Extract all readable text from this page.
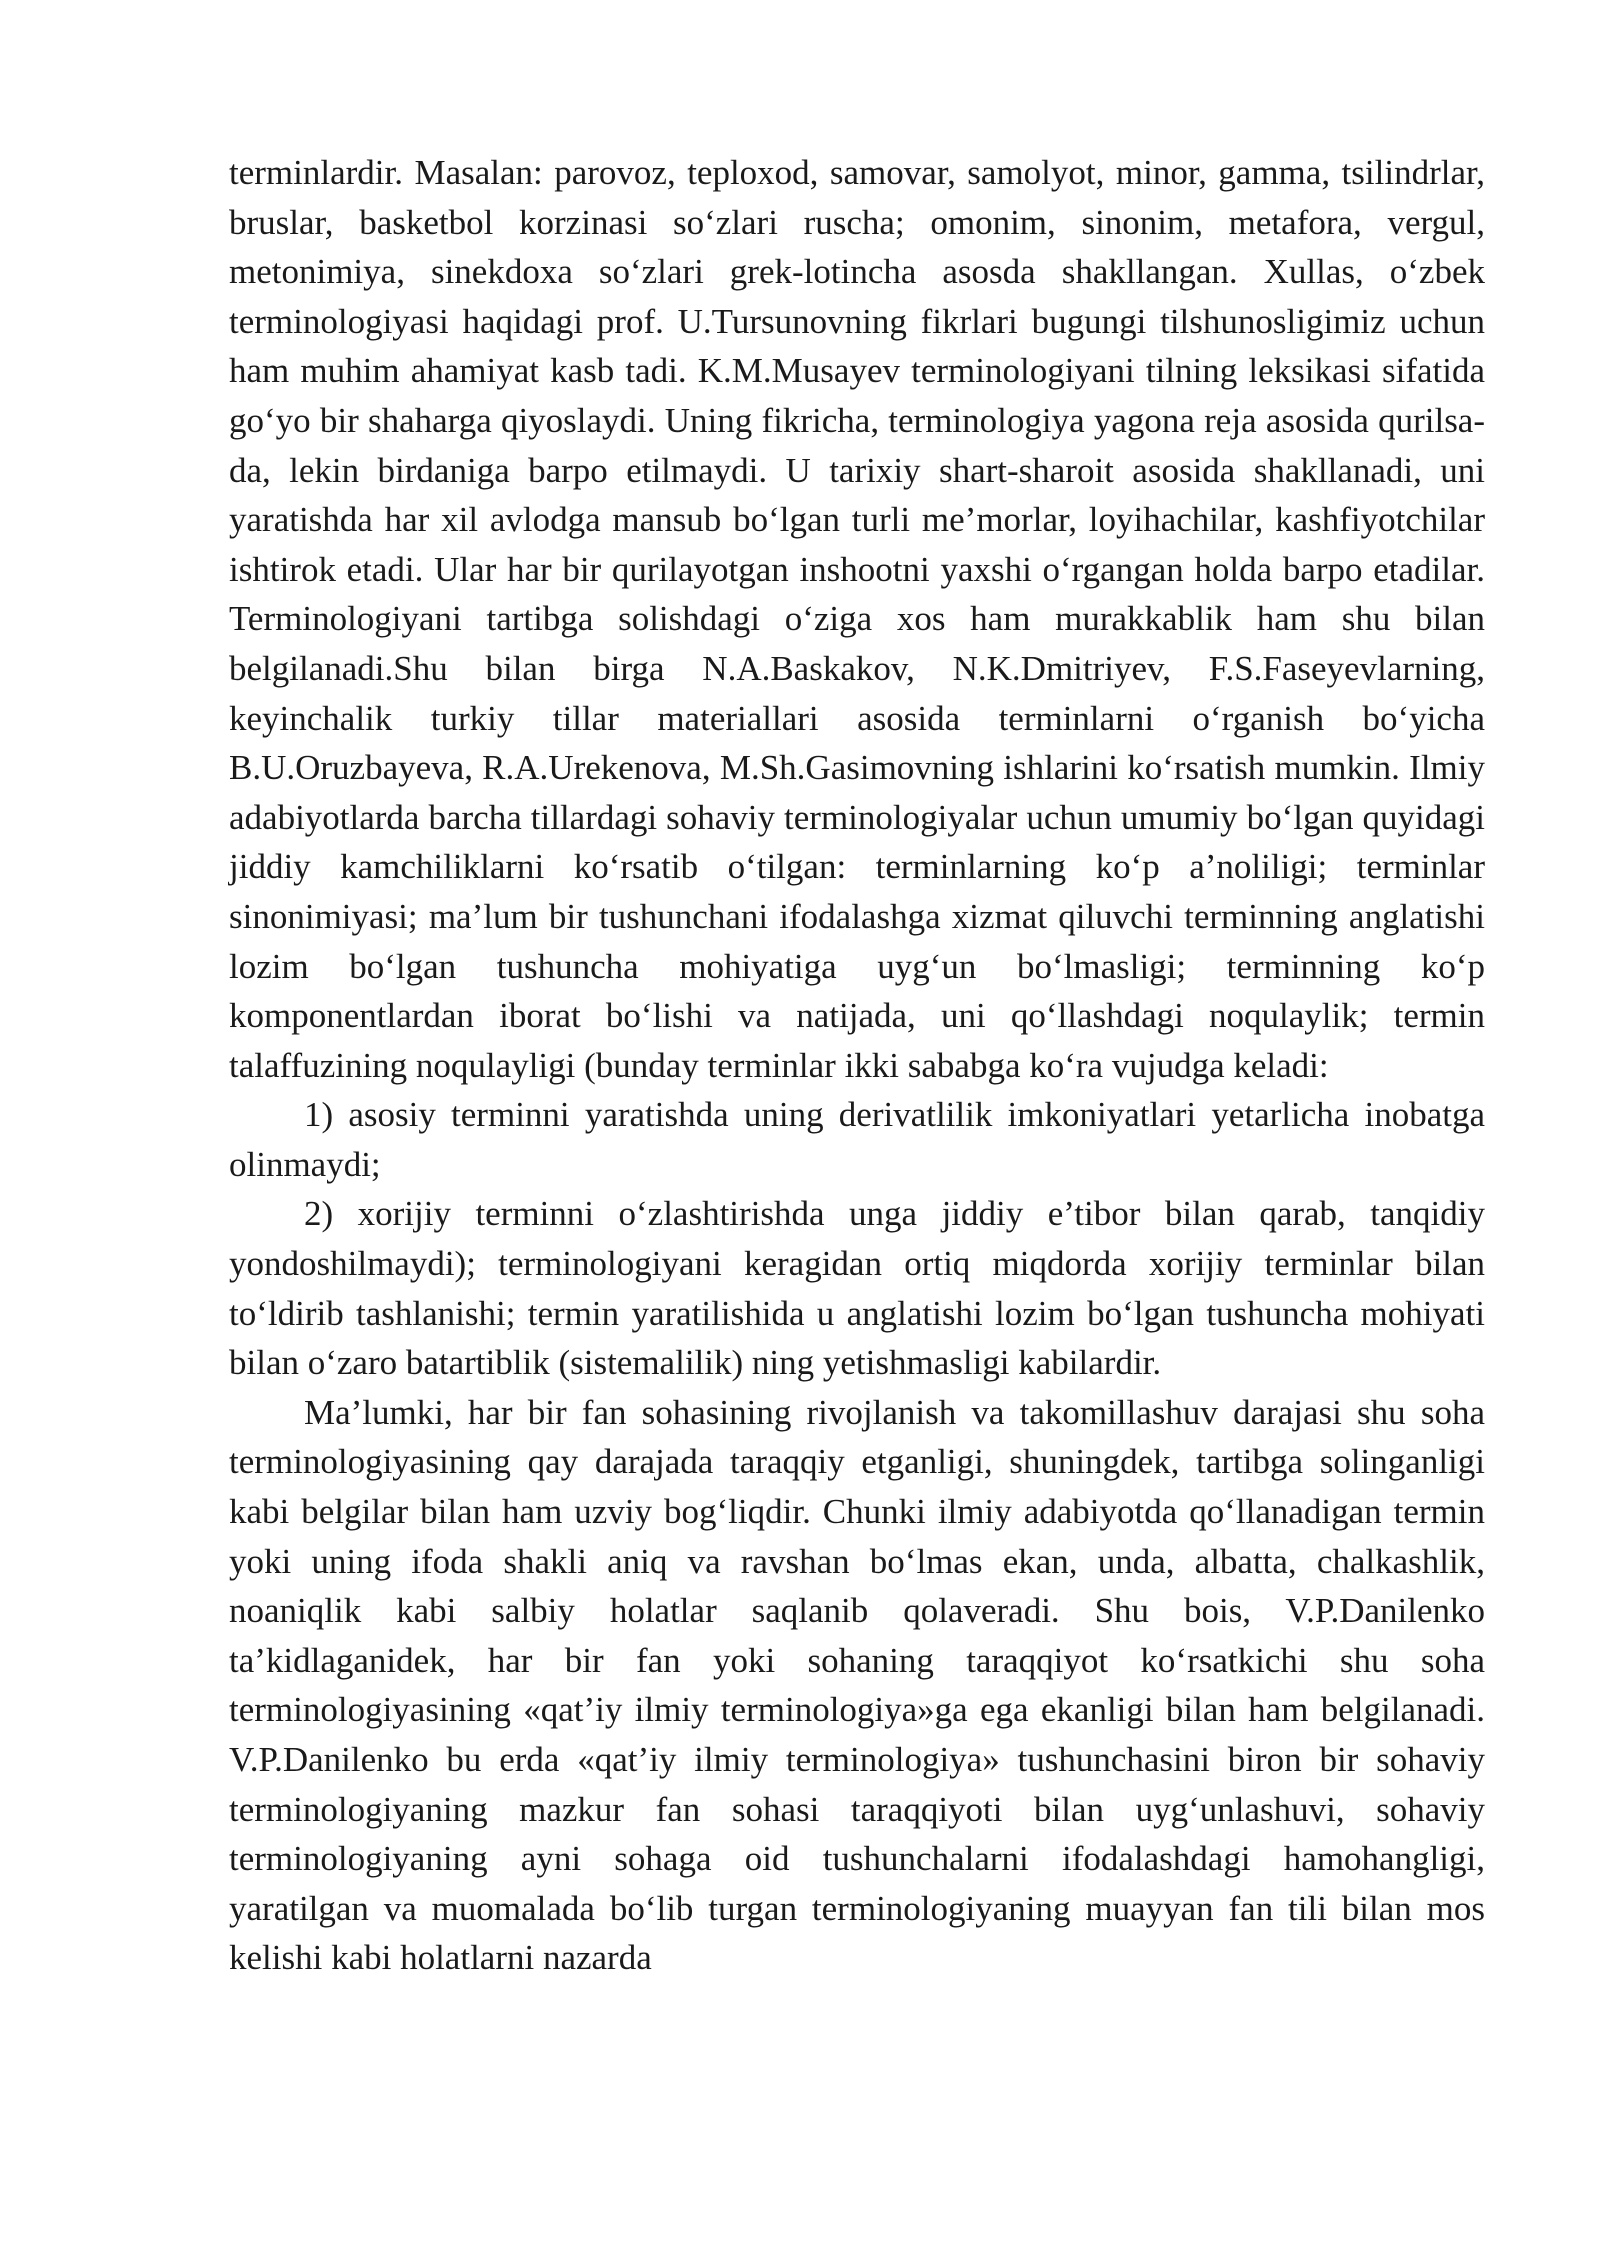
terminlardir. Masalan: parovoz, teploxod, samovar, samolyot, minor, gamma, tsilindrlar, bruslar, basketbol korzinasi so‘zlari ruscha; omonim, sinonim, metafora, vergul, metonimiya, sinekdoxa so‘zlari grek-lotincha asosda shakllangan. Xullas, o‘zbek terminologiyasi haqidagi prof. U.Tursunovning fikrlari bugungi tilshunosligimiz uchun ham muhim ahamiyat kasb tadi. K.M.Musayev terminologiyani tilning leksikasi sifatida go‘yo bir shaharga qiyoslaydi. Uning fikricha, terminologiya yagona reja asosida qurilsa-da, lekin birdaniga barpo etilmaydi. U tarixiy shart-sharoit asosida shakllanadi, uni yaratishda har xil avlodga mansub bo‘lgan turli me’morlar, loyihachilar, kashfiyotchilar ishtirok etadi. Ular har bir qurilayotgan inshootni yaxshi o‘rgangan holda barpo etadilar. Terminologiyani tartibga solishdagi o‘ziga xos ham murakkablik ham shu bilan belgilanadi.Shu bilan birga N.A.Baskakov, N.K.Dmitriyev, F.S.Faseyevlarning, keyinchalik turkiy tillar materiallari asosida terminlarni o‘rganish bo‘yicha B.U.Oruzbayeva, R.A.Urekenova, M.Sh.Gasimovning ishlarini ko‘rsatish mumkin. Ilmiy adabiyotlarda barcha tillardagi sohaviy terminologiyalar uchun umumiy bo‘lgan quyidagi jiddiy kamchiliklarni ko‘rsatib o‘tilgan: terminlarning ko‘p a’noliligi; terminlar sinonimiyasi; ma’lum bir tushunchani ifodalashga xizmat qiluvchi terminning anglatishi lozim bo‘lgan tushuncha mohiyatiga uyg‘un bo‘lmasligi; terminning ko‘p komponentlardan iborat bo‘lishi va natijada, uni qo‘llashdagi noqulaylik; termin talaffuzining noqulayligi (bunday terminlar ikki sababga ko‘ra vujudga keladi:

1) asosiy terminni yaratishda uning derivatlilik imkoniyatlari yetarlicha inobatga olinmaydi;

2) xorijiy terminni o‘zlashtirishda unga jiddiy e’tibor bilan qarab, tanqidiy yondoshilmaydi); terminologiyani keragidan ortiq miqdorda xorijiy terminlar bilan to‘ldirib tashlanishi; termin yaratilishida u anglatishi lozim bo‘lgan tushuncha mohiyati bilan o‘zaro batartiblik (sistemalilik) ning yetishmasligi kabilardir.

Ma’lumki, har bir fan sohasining rivojlanish va takomillashuv darajasi shu soha terminologiyasining qay darajada taraqqiy etganligi, shuningdek, tartibga solinganligi kabi belgilar bilan ham uzviy bog‘liqdir. Chunki ilmiy adabiyotda qo‘llanadigan termin yoki uning ifoda shakli aniq va ravshan bo‘lmas ekan, unda, albatta, chalkashlik, noaniqlik kabi salbiy holatlar saqlanib qolaveradi. Shu bois, V.P.Danilenko ta’kidlaganidek, har bir fan yoki sohaning taraqqiyot ko‘rsatkichi shu soha terminologiyasining «qat’iy ilmiy terminologiya»ga ega ekanligi bilan ham belgilanadi. V.P.Danilenko bu erda «qat’iy ilmiy terminologiya» tushunchasini biron bir sohaviy terminologiyaning mazkur fan sohasi taraqqiyoti bilan uyg‘unlashuvi, sohaviy terminologiyaning ayni sohaga oid tushunchalarni ifodalashdagi hamohangligi, yaratilgan va muomalada bo‘lib turgan terminologiyaning muayyan fan tili bilan mos kelishi kabi holatlarni nazarda
